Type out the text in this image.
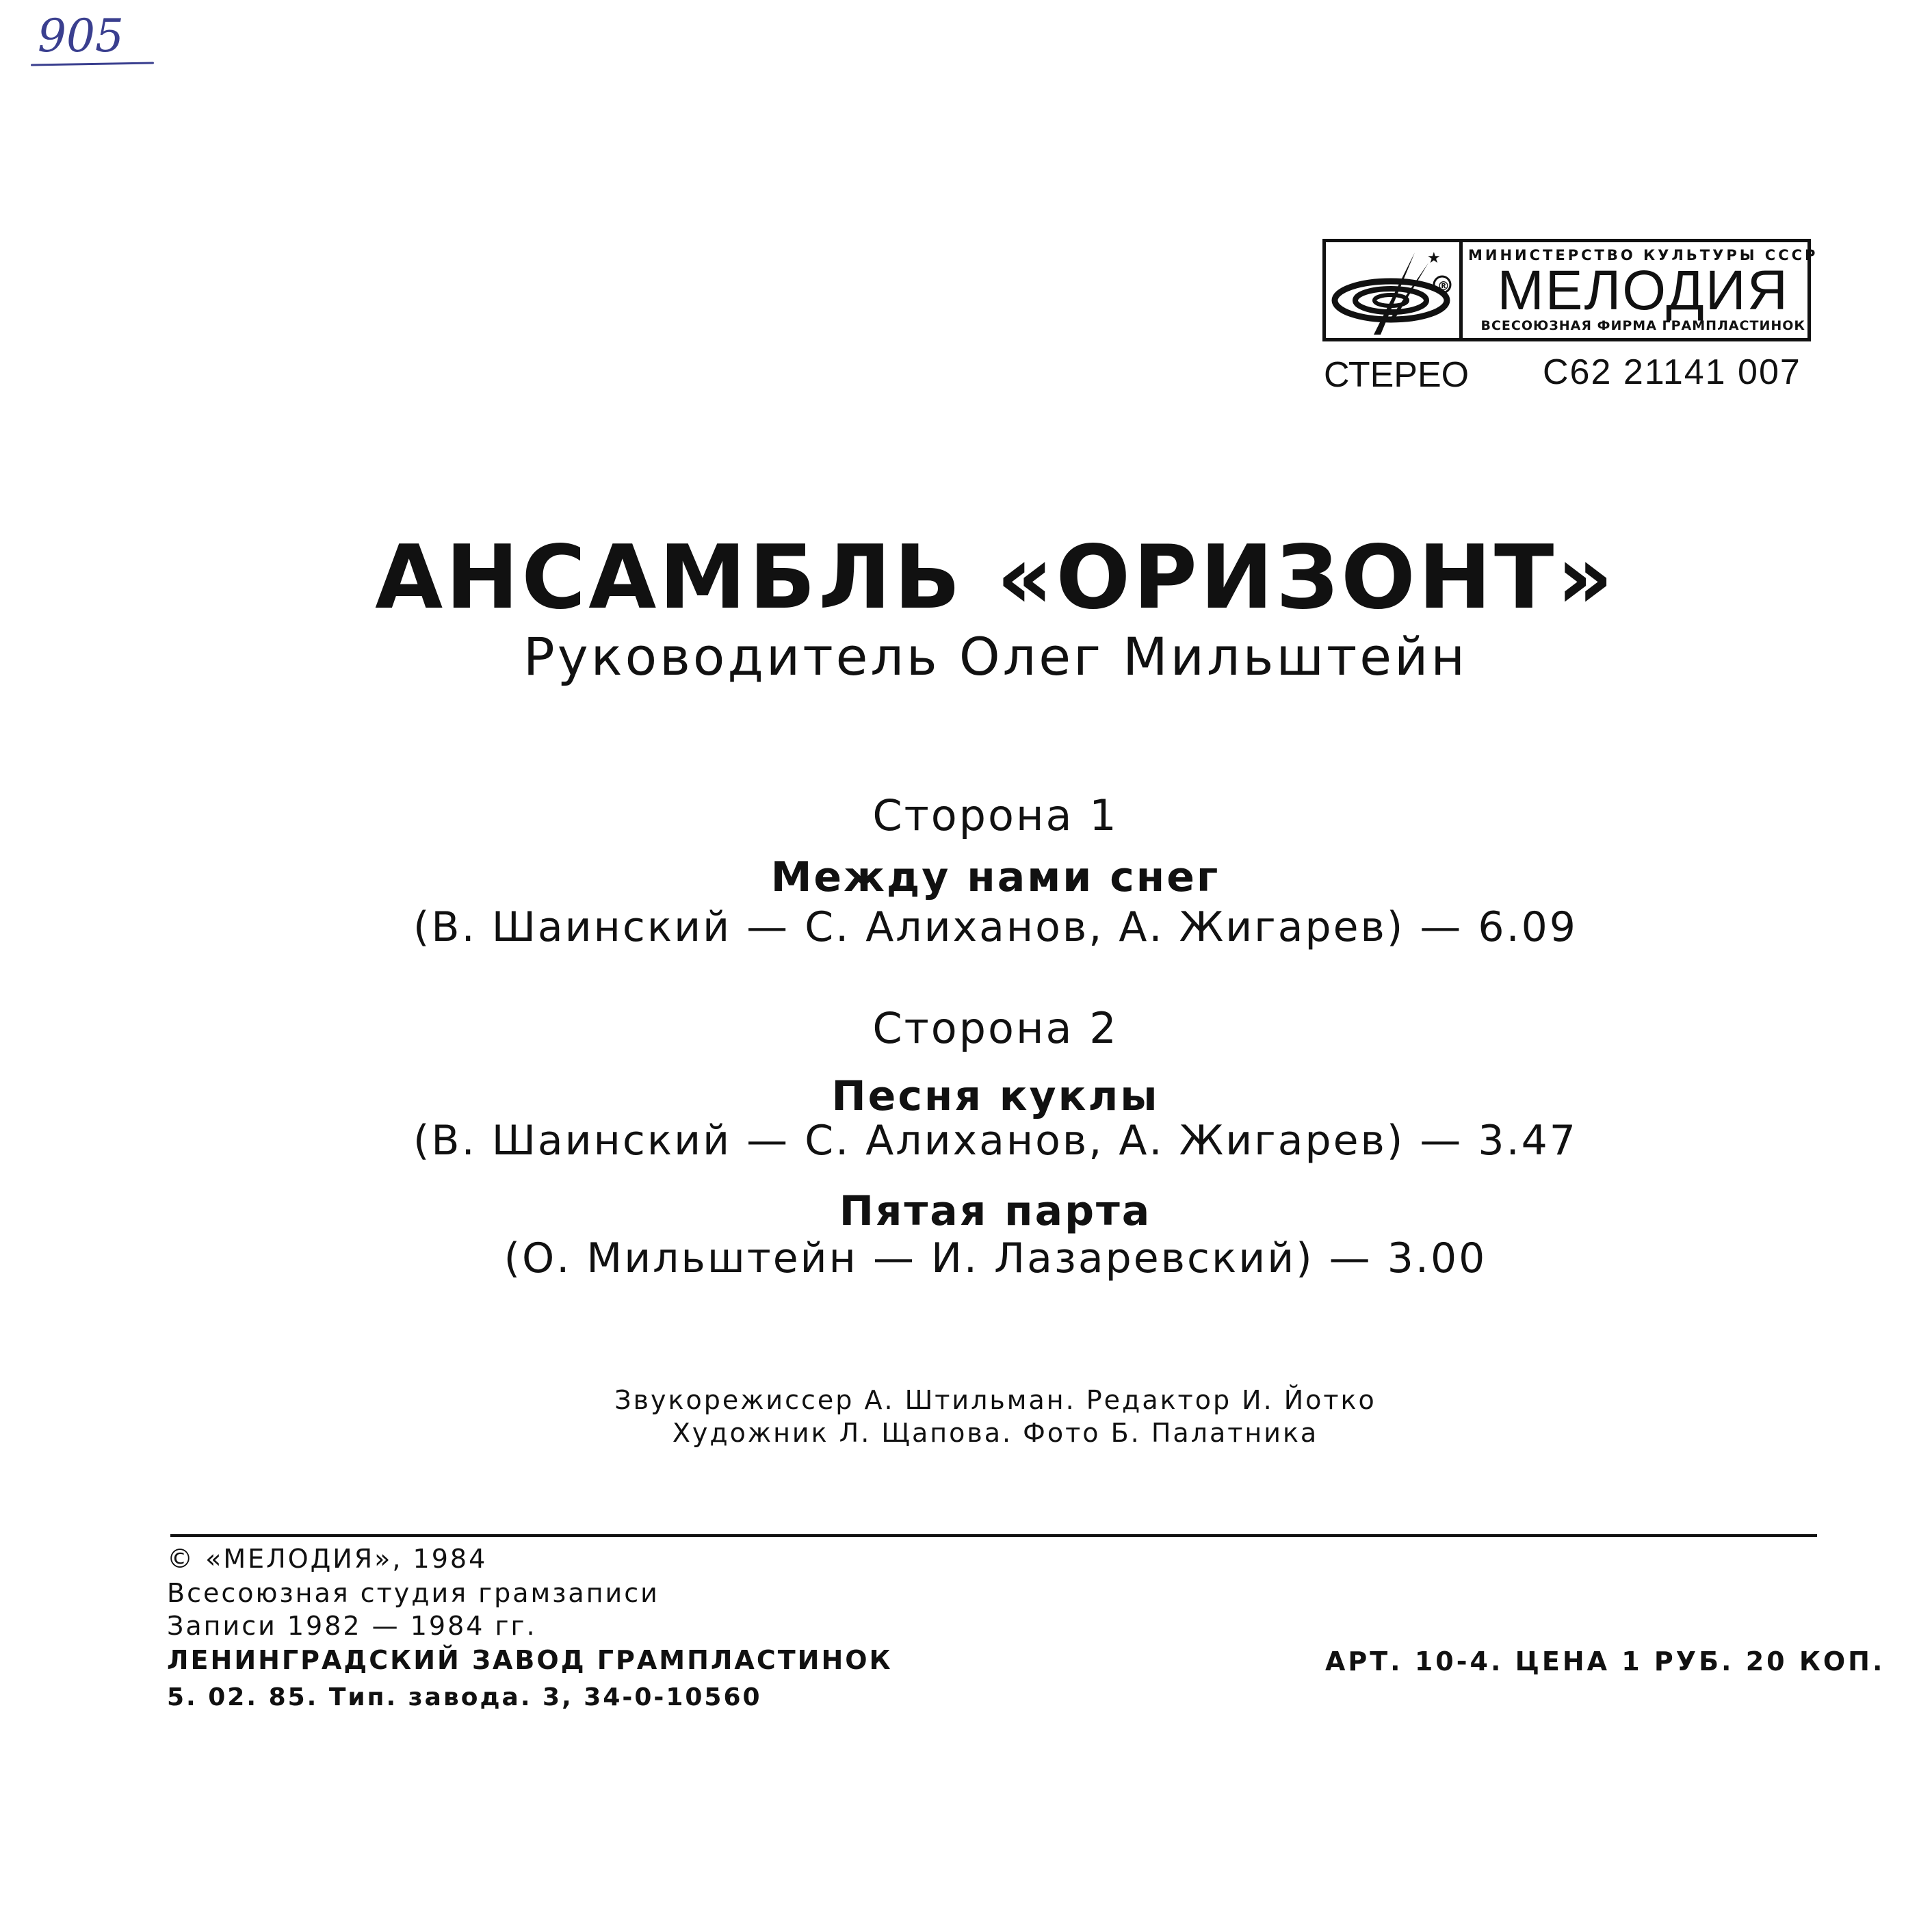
905
★
®
МИНИСТЕРСТВО КУЛЬТУРЫ СССР
МЕЛОДИЯ
ВСЕСОЮЗНАЯ ФИРМА ГРАМПЛАСТИНОК
СТЕРЕО С62 21141 007
АНСАМБЛЬ «ОРИЗОНТ»
Руководитель Олег Мильштейн
Сторона 1
Между нами снег
(В. Шаинский — С. Алиханов, А. Жигарев) — 6.09
Сторона 2
Песня куклы
(В. Шаинский — С. Алиханов, А. Жигарев) — 3.47
Пятая парта
(О. Мильштейн — И. Лазаревский) — 3.00
Звукорежиссер А. Штильман. Редактор И. Йотко
Художник Л. Щапова. Фото Б. Палатника
© «МЕЛОДИЯ», 1984
Всесоюзная студия грамзаписи
Записи 1982 — 1984 гг.
ЛЕНИНГРАДСКИЙ ЗАВОД ГРАМПЛАСТИНОК
5. 02. 85. Тип. завода. 3, 34-0-10560
АРТ. 10-4. ЦЕНА 1 РУБ. 20 КОП.
